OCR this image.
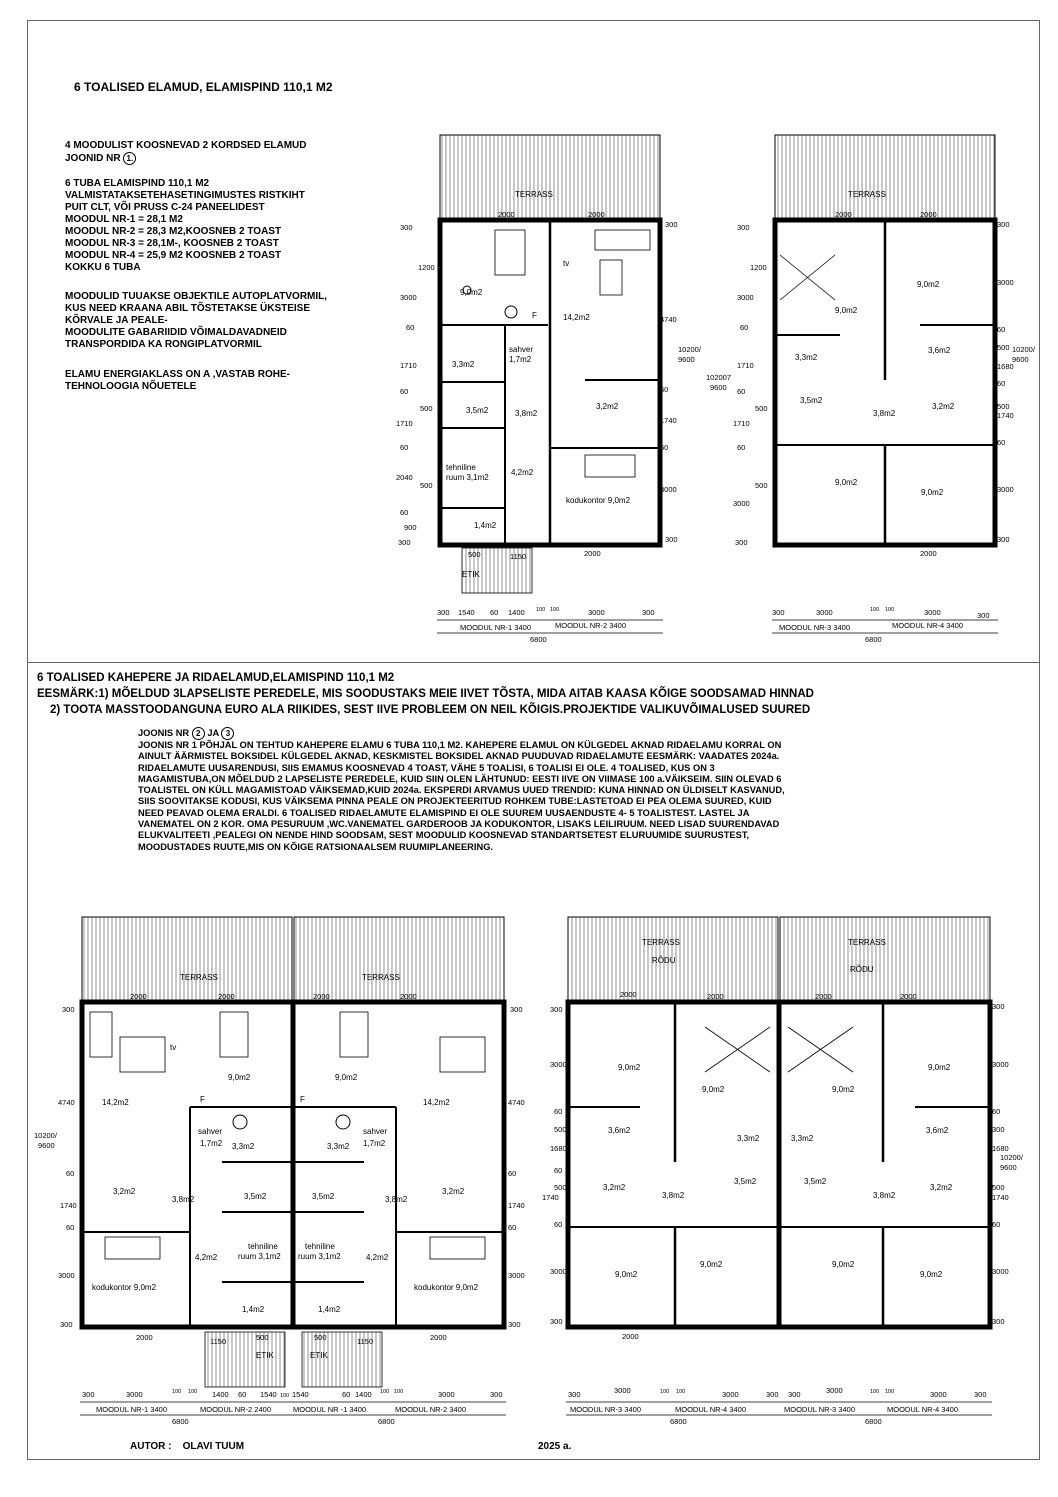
6 TOALISED ELAMUD, ELAMISPIND 110,1 M2
4 MOODULIST KOOSNEVAD 2 KORDSED ELAMUD
JOONID NR 1.
6 TUBA ELAMISPIND 110,1 M2
VALMISTATAKSETEHASETINGIMUSTES RISTKIHT
PUIT CLT, VÕI PRUSS C-24 PANEELIDEST
MOODUL NR-1 = 28,1 M2
MOODUL NR-2 = 28,3 M2,KOOSNEB 2 TOAST
MOODUL NR-3 = 28,1M-, KOOSNEB 2 TOAST
MOODUL NR-4 = 25,9 M2 KOOSNEB 2 TOAST
KOKKU 6 TUBA
MOODULID TUUAKSE OBJEKTILE AUTOPLATVORMIL,
KUS NEED KRAANA ABIL TÕSTETAKSE ÜKSTEISE
KÕRVALE JA PEALE-
MOODULITE GABARIIDID VÕIMALDAVADNEID
TRANSPORDIDA KA RONGIPLATVORMIL
ELAMU ENERGIAKLASS ON A ,VASTAB ROHE-
TEHNOLOOGIA NÕUETELE
TERRASS
2000	2000
9,0m2
14,2m2
tv
F
sahver
1,7m2
3,3m2
3,5m2	3,8m2
3,2m2
tehniline
ruum 3,1m2
4,2m2
kodukontor 9,0m2
1,4m2
ETIK
500	1150	2000
300
1200
3000
60
1710
60
500
1710
60
2040
500
60
900
300
300
4740
10200/
9600
60
1740
60
3000
300
300 1540 60 1400 100 100	3000	300
MOODUL NR-1 3400	MOODUL NR-2 3400
6800
TERRASS
2000	2000
9,0m2
9,0m2
3,3m2
3,6m2
3,5m2
3,8m2
3,2m2
9,0m2
9,0m2
2000
300
1200
3000
60
1710
102007
9600 60
500
1710
60
500
3000
300
300
3000
60
500 10200/
9600
1680
60
500
1740
60
3000
300
300	3000	100 100	3000	300
MOODUL NR-3 3400	MOODUL NR-4 3400
6800
6 TOALISED KAHEPERE JA RIDAELAMUD,ELAMISPIND 110,1 M2
EESMÄRK:1) MÕELDUD 3LAPSELISTE PEREDELE, MIS SOODUSTAKS MEIE IIVET TÕSTA, MIDA AITAB KAASA KÕIGE SOODSAMAD HINNAD
2) TOOTA MASSTOODANGUNA EURO ALA RIIKIDES, SEST IIVE PROBLEEM ON NEIL KÕIGIS.PROJEKTIDE VALIKUVÕIMALUSED SUURED
JOONIS NR 2 JA 3
JOONIS NR 1 PÕHJAL ON TEHTUD KAHEPERE ELAMU 6 TUBA 110,1 M2. KAHEPERE ELAMUL ON KÜLGEDEL AKNAD RIDAELAMU KORRAL ON AINULT ÄÄRMISTEL BOKSIDEL KÜLGEDEL AKNAD, KESKMISTEL BOKSIDEL AKNAD PUUDUVAD RIDAELAMUTE EESMÄRK: VAADATES 2024a. RIDAELAMUTE UUSARENDUSI, SIIS EMAMUS KOOSNEVAD 4 TOAST, VÄHE 5 TOALISI, 6 TOALISI EI OLE. 4 TOALISED, KUS ON 3 MAGAMISTUBA,ON MÕELDUD 2 LAPSELISTE PEREDELE, KUID SIIN OLEN LÄHTUNUD: EESTI IIVE ON VIIMASE 100 a.VÄIKSEIM. SIIN OLEVAD 6 TOALISTEL ON KÜLL MAGAMISTOAD VÄIKSEMAD,KUID 2024a. EKSPERDI ARVAMUS UUED TRENDID: KUNA HINNAD ON ÜLDISELT KASVANUD, SIIS SOOVITAKSE KODUSI, KUS VÄIKSEMA PINNA PEALE ON PROJEKTEERITUD ROHKEM TUBE:LASTETOAD EI PEA OLEMA SUURED, KUID NEED PEAVAD OLEMA ERALDI. 6 TOALISED RIDAELAMUTE ELAMISPIND EI OLE SUUREM UUSAENDUSTE 4- 5 TOALISTEST. LASTEL JA VANEMATEL ON 2 KOR. OMA PESURUUM ,WC.VANEMATEL GARDEROOB JA KODUKONTOR, LISAKS LEILIRUUM. NEED LISAD SUURENDAVAD ELUKVALITEETI ,PEALEGI ON NENDE HIND SOODSAM, SEST MOODULID KOOSNEVAD STANDARTSETEST ELURUUMIDE SUURUSTEST, MOODUSTADES RUUTE,MIS ON KÕIGE RATSIONAALSEM RUUMIPLANEERING.
TERRASS	TERRASS
2000	2000	2000	2000
tv
9,0m2	9,0m2
14,2m2	14,2m2
F	F
sahver
1,7m2 3,3m2	3,3m2
sahver
1,7m2
3,2m2	3,2m2
3,8m2	3,8m2
3,5m2	3,5m2
4,2m2	4,2m2
tehniline
ruum 3,1m2
tehniline
ruum 3,1m2
kodukontor 9,0m2	kodukontor 9,0m2
1,4m2	1,4m2
ETIK	ETIK
1150	500	500	1150
2000	2000
300
4740
10200/
9600
60
1740
60
3000
300
300
4740
60
1740
60
3000
300
300	3000	100 100 1400 60 1540 100 1540	60 1400 100 100	3000	300
MOODUL NR-1 3400	MOODUL NR-2 2400	MOODUL NR -1 3400	MOODUL NR-2 3400
6800	6800
TERRASS
RÕDU
TERRASS
RÕDU
2000	2000	2000	2000
9,0m2
9,0m2	9,0m2
9,0m2
3,6m2
3,3m2	3,3m2
3,6m2
3,2m2
3,8m2
3,5m2	3,5m2
3,8m2
3,2m2
9,0m2
9,0m2	9,0m2
9,0m2
2000
300
3000
60
500
1680
60
500
1740
60
3000
300
300
3000
60
300
1680
10200/
9600
500
1740
60
3000
300
300	3000	100 100	3000	300 300	3000	100 100	3000	300
MOODUL NR-3 3400	MOODUL NR-4 3400	MOODUL NR-3 3400	MOODUL NR-4 3400
6800	6800
AUTOR : OLAVI TUUM	2025 a.
